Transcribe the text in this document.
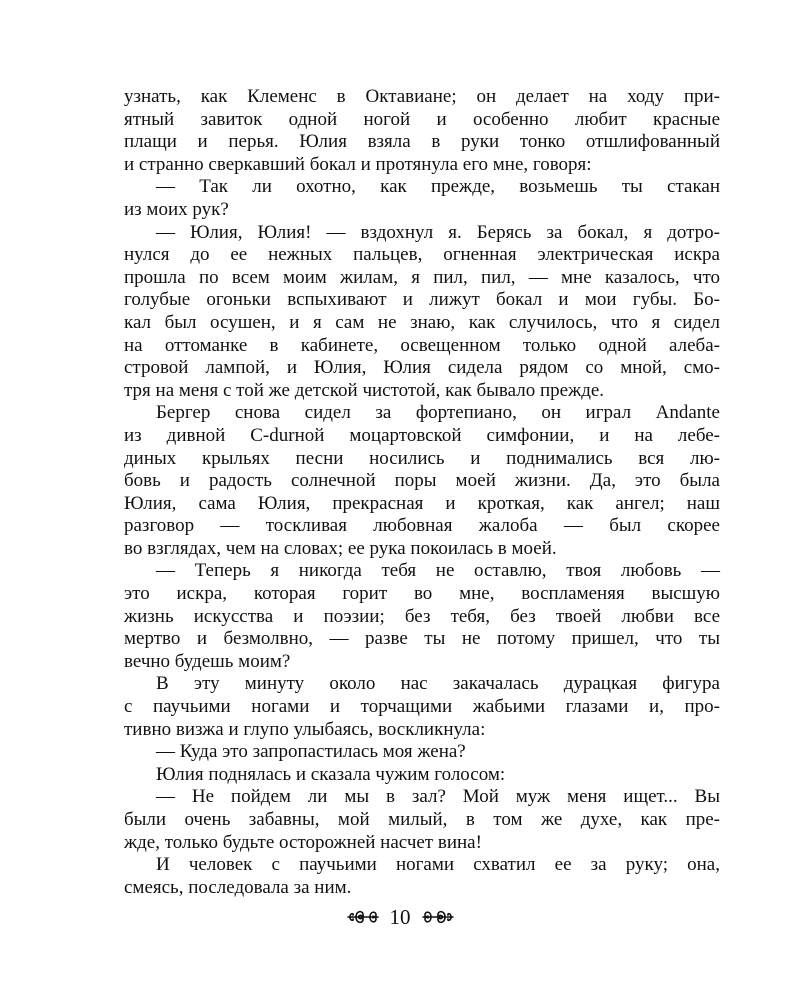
узнать, как Клеменс в Октавиане; он делает на ходу при-
ятный завиток одной ногой и особенно любит красные
плащи и перья. Юлия взяла в руки тонко отшлифованный
и странно сверкавший бокал и протянула его мне, говоря:
— Так ли охотно, как прежде, возьмешь ты стакан
из моих рук?
— Юлия, Юлия! — вздохнул я. Берясь за бокал, я дотро-
нулся до ее нежных пальцев, огненная электрическая искра
прошла по всем моим жилам, я пил, пил, — мне казалось, что
голубые огоньки вспыхивают и лижут бокал и мои губы. Бо-
кал был осушен, и я сам не знаю, как случилось, что я сидел
на оттоманке в кабинете, освещенном только одной алеба-
стровой лампой, и Юлия, Юлия сидела рядом со мной, смо-
тря на меня с той же детской чистотой, как бывало прежде.
Бергер снова сидел за фортепиано, он играл Andante
из дивной C-durной моцартовской симфонии, и на лебе-
диных крыльях песни носились и поднимались вся лю-
бовь и радость солнечной поры моей жизни. Да, это была
Юлия, сама Юлия, прекрасная и кроткая, как ангел; наш
разговор — тоскливая любовная жалоба — был скорее
во взглядах, чем на словах; ее рука покоилась в моей.
— Теперь я никогда тебя не оставлю, твоя любовь —
это искра, которая горит во мне, воспламеняя высшую
жизнь искусства и поэзии; без тебя, без твоей любви все
мертво и безмолвно, — разве ты не потому пришел, что ты
вечно будешь моим?
В эту минуту около нас закачалась дурацкая фигура
с паучьими ногами и торчащими жабьими глазами и, про-
тивно визжа и глупо улыбаясь, воскликнула:
— Куда это запропастилась моя жена?
Юлия поднялась и сказала чужим голосом:
— Не пойдем ли мы в зал? Мой муж меня ищет... Вы
были очень забавны, мой милый, в том же духе, как пре-
жде, только будьте осторожней насчет вина!
И человек с паучьими ногами схватил ее за руку; она,
смеясь, последовала за ним.
10
